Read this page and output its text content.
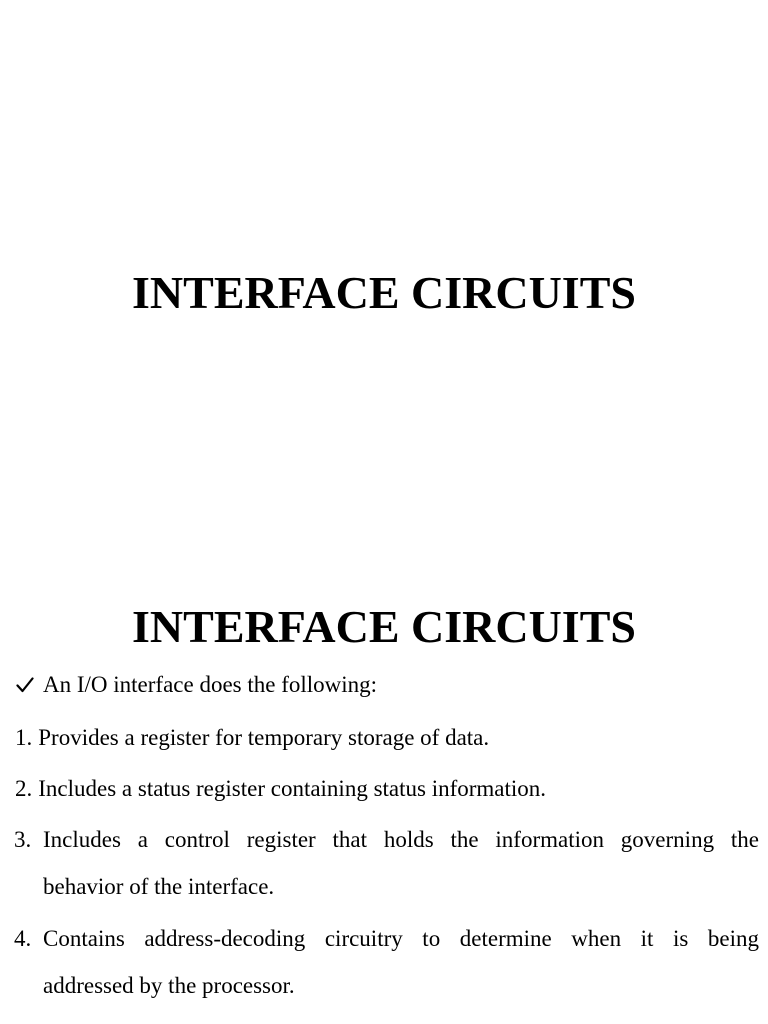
INTERFACE CIRCUITS
INTERFACE CIRCUITS
An I/O interface does the following:
1. Provides a register for temporary storage of data.
2. Includes a status register containing status information.
3. Includes a control register that holds the information governing the
behavior of the interface.
4. Contains address-decoding circuitry to determine when it is being
addressed by the processor.
